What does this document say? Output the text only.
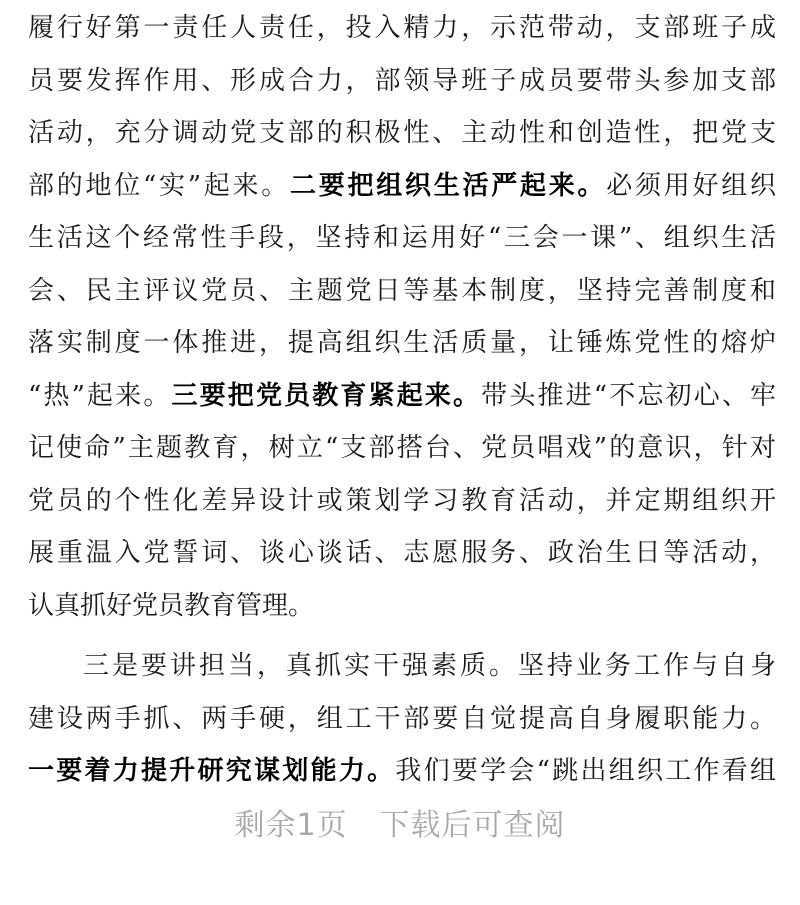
履行好第一责任人责任，投入精力，示范带动，支部班子成
员要发挥作用、形成合力，部领导班子成员要带头参加支部
活动，充分调动党支部的积极性、主动性和创造性，把党支
部的地位“实”起来。二要把组织生活严起来。必须用好组织
生活这个经常性手段，坚持和运用好“三会一课”、组织生活
会、民主评议党员、主题党日等基本制度，坚持完善制度和
落实制度一体推进，提高组织生活质量，让锤炼党性的熔炉
“热”起来。三要把党员教育紧起来。带头推进“不忘初心、牢
记使命”主题教育，树立“支部搭台、党员唱戏”的意识，针对
党员的个性化差异设计或策划学习教育活动，并定期组织开
展重温入党誓词、谈心谈话、志愿服务、政治生日等活动，
认真抓好党员教育管理。
三是要讲担当，真抓实干强素质。坚持业务工作与自身
建设两手抓、两手硬，组工干部要自觉提高自身履职能力。
一要着力提升研究谋划能力。我们要学会“跳出组织工作看组
剩余1页 下载后可查阅
